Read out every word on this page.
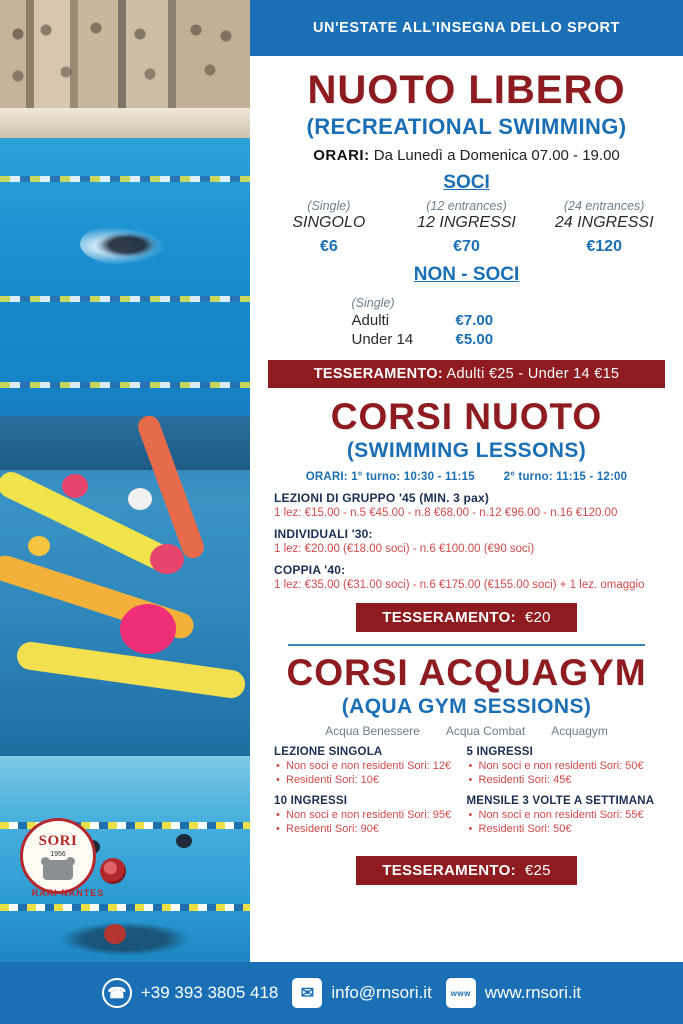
SORI
1956
RARI NANTES
UN'ESTATE ALL'INSEGNA DELLO SPORT
NUOTO LIBERO
(RECREATIONAL SWIMMING)
ORARI: Da Lunedì a Domenica 07.00 - 19.00
SOCI
(Single)
SINGOLO
€6
(12 entrances)
12 INGRESSI
€70
(24 entrances)
24 INGRESSI
€120
NON - SOCI
(Single)
Adulti	€7.00
Under 14	€5.00
TESSERAMENTO: Adulti €25 - Under 14 €15
CORSI NUOTO
(SWIMMING LESSONS)
ORARI: 1° turno: 10:30 - 11:15	2° turno: 11:15 - 12:00
LEZIONI DI GRUPPO '45 (MIN. 3 pax)
1 lez: €15.00 - n.5 €45.00 - n.8 €68.00 - n.12 €96.00 - n.16 €120.00
INDIVIDUALI '30:
1 lez: €20.00 (€18.00 soci) - n.6 €100.00 (€90 soci)
COPPIA '40:
1 lez: €35.00 (€31.00 soci) - n.6 €175.00 (€155.00 soci) + 1 lez. omaggio
TESSERAMENTO: €20
CORSI ACQUAGYM
(AQUA GYM SESSIONS)
Acqua Benessere Acqua Combat Acquagym
LEZIONE SINGOLA
• Non soci e non residenti Sori: 12€
• Residenti Sori: 10€
10 INGRESSI
• Non soci e non residenti Sori: 95€
• Residenti Sori: 90€
5 INGRESSI
• Non soci e non residenti Sori: 50€
• Residenti Sori: 45€
MENSILE 3 VOLTE A SETTIMANA
• Non soci e non residenti Sori: 55€
• Residenti Sori: 50€
TESSERAMENTO: €25
☎ +39 393 3805 418	✉	info@rnsori.it	www www.rnsori.it
